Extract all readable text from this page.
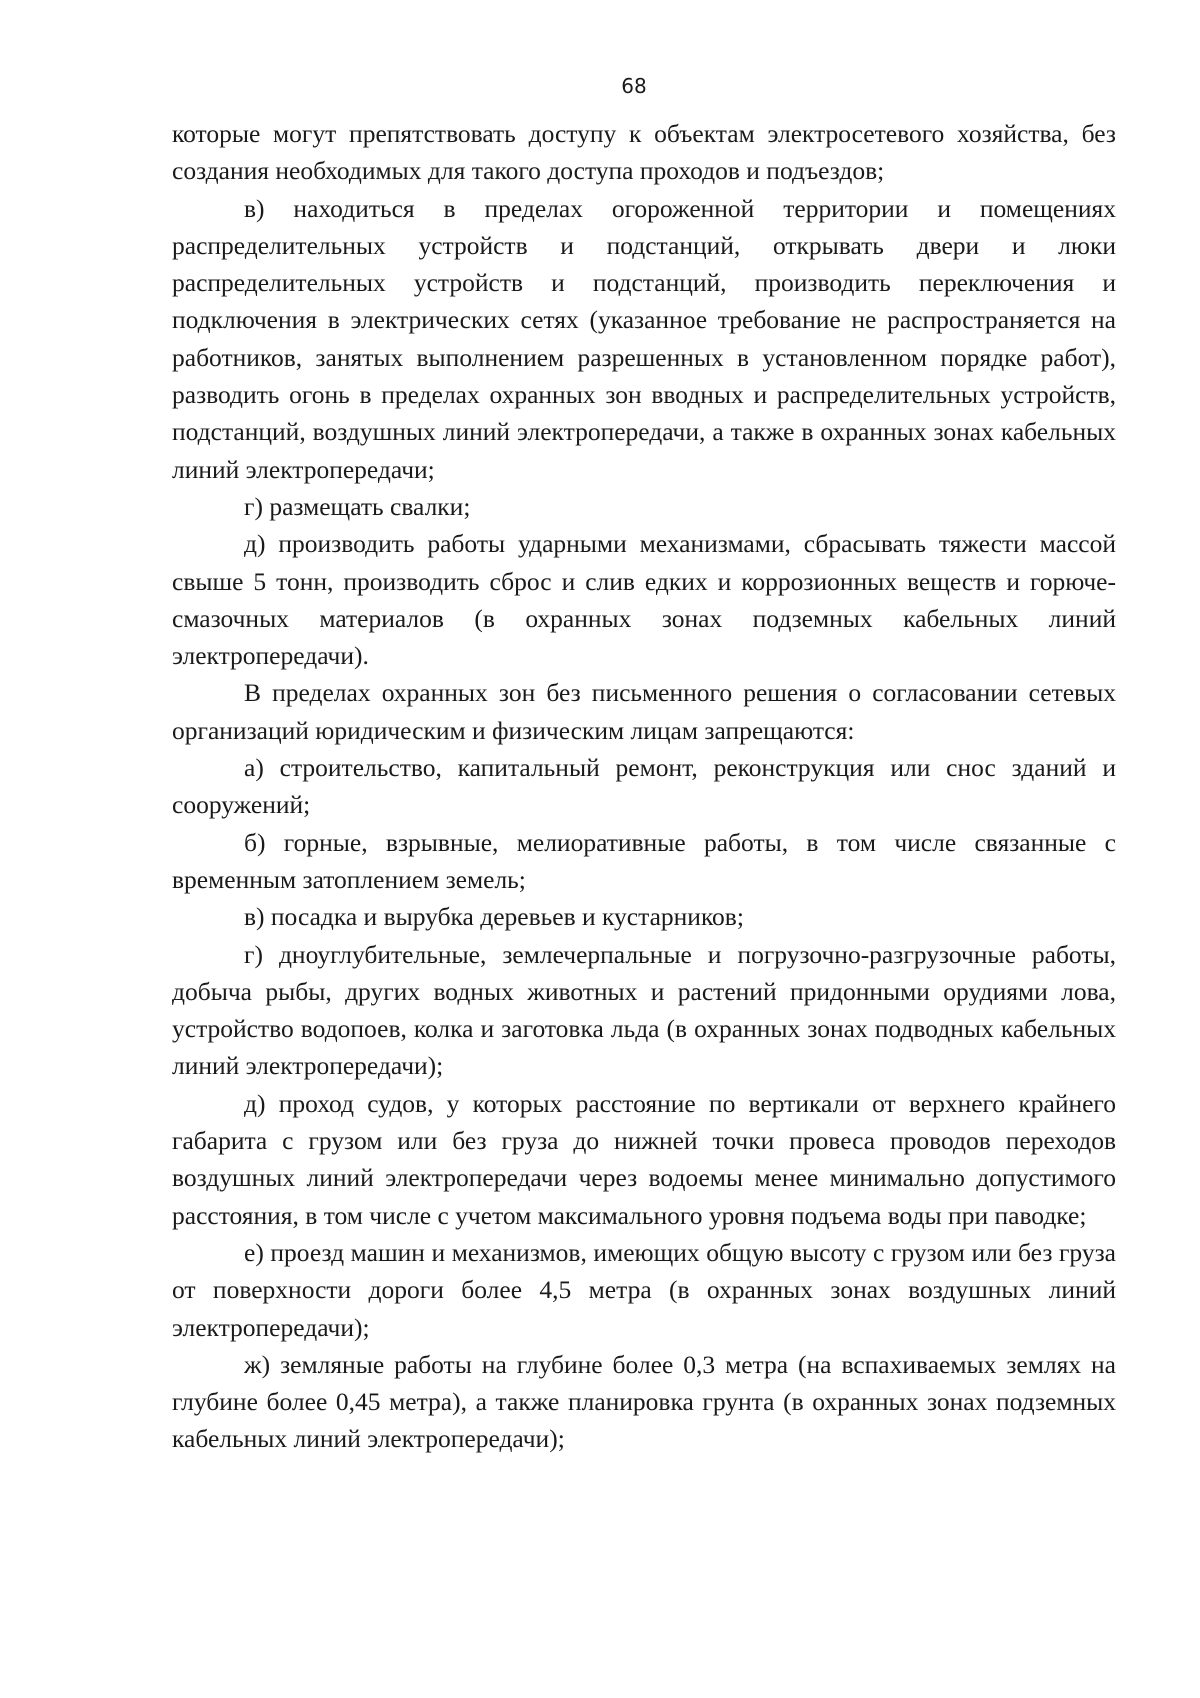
68

которые могут препятствовать доступу к объектам электросетевого хозяйства, без создания необходимых для такого доступа проходов и подъездов;

в) находиться в пределах огороженной территории и помещениях распределительных устройств и подстанций, открывать двери и люки распределительных устройств и подстанций, производить переключения и подключения в электрических сетях (указанное требование не распространяется на работников, занятых выполнением разрешенных в установленном порядке работ), разводить огонь в пределах охранных зон вводных и распределительных устройств, подстанций, воздушных линий электропередачи, а также в охранных зонах кабельных линий электропередачи;

г) размещать свалки;

д) производить работы ударными механизмами, сбрасывать тяжести массой свыше 5 тонн, производить сброс и слив едких и коррозионных веществ и горюче-смазочных материалов (в охранных зонах подземных кабельных линий электропередачи).

В пределах охранных зон без письменного решения о согласовании сетевых организаций юридическим и физическим лицам запрещаются:

а) строительство, капитальный ремонт, реконструкция или снос зданий и сооружений;

б) горные, взрывные, мелиоративные работы, в том числе связанные с временным затоплением земель;

в) посадка и вырубка деревьев и кустарников;

г) дноуглубительные, землечерпальные и погрузочно-разгрузочные работы, добыча рыбы, других водных животных и растений придонными орудиями лова, устройство водопоев, колка и заготовка льда (в охранных зонах подводных кабельных линий электропередачи);

д) проход судов, у которых расстояние по вертикали от верхнего крайнего габарита с грузом или без груза до нижней точки провеса проводов переходов воздушных линий электропередачи через водоемы менее минимально допустимого расстояния, в том числе с учетом максимального уровня подъема воды при паводке;

е) проезд машин и механизмов, имеющих общую высоту с грузом или без груза от поверхности дороги более 4,5 метра (в охранных зонах воздушных линий электропередачи);

ж) земляные работы на глубине более 0,3 метра (на вспахиваемых землях на глубине более 0,45 метра), а также планировка грунта (в охранных зонах подземных кабельных линий электропередачи);
